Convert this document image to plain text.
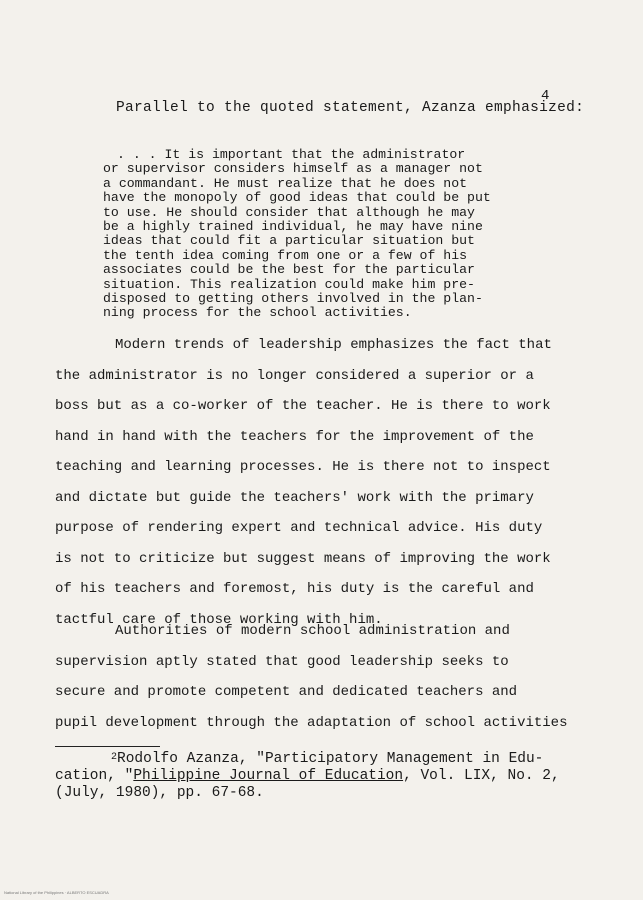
4
Parallel to the quoted statement, Azanza emphasized:
. . . It is important that the administrator
or supervisor considers himself as a manager not
a commandant. He must realize that he does not
have the monopoly of good ideas that could be put
to use. He should consider that although he may
be a highly trained individual, he may have nine
ideas that could fit a particular situation but
the tenth idea coming from one or a few of his
associates could be the best for the particular
situation. This realization could make him pre-
disposed to getting others involved in the plan-
ning process for the school activities.
Modern trends of leadership emphasizes the fact that
the administrator is no longer considered a superior or a
boss but as a co-worker of the teacher. He is there to work
hand in hand with the teachers for the improvement of the
teaching and learning processes. He is there not to inspect
and dictate but guide the teachers' work with the primary
purpose of rendering expert and technical advice. His duty
is not to criticize but suggest means of improving the work
of his teachers and foremost, his duty is the careful and
tactful care of those working with him.
Authorities of modern school administration and
supervision aptly stated that good leadership seeks to
secure and promote competent and dedicated teachers and
pupil development through the adaptation of school activities
$^2$Rodolfo Azanza, "Participatory Management in Edu-
cation, "Philippine Journal of Education, Vol. LIX, No. 2,
(July, 1980), pp. 67-68.
National Library of the Philippines · ALBERTO ESCUADRA
